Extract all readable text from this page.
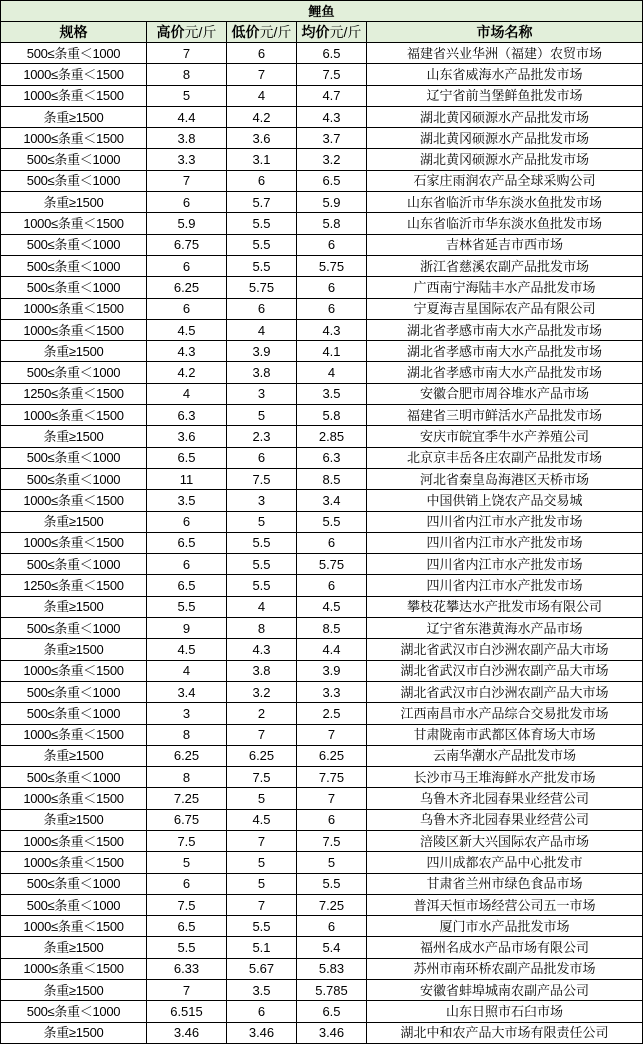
鲤鱼				
规格	高价元/斤	低价元/斤	均价元/斤	市场名称
500≤条重＜1000	7	6	6.5	福建省兴业华洲（福建）农贸市场
1000≤条重＜1500	8	7	7.5	山东省威海水产品批发市场
1000≤条重＜1500	5	4	4.7	辽宁省前当堡鲜鱼批发市场
条重≥1500	4.4	4.2	4.3	湖北黄冈硕源水产品批发市场
1000≤条重＜1500	3.8	3.6	3.7	湖北黄冈硕源水产品批发市场
500≤条重＜1000	3.3	3.1	3.2	湖北黄冈硕源水产品批发市场
500≤条重＜1000	7	6	6.5	石家庄雨润农产品全球采购公司
条重≥1500	6	5.7	5.9	山东省临沂市华东淡水鱼批发市场
1000≤条重＜1500	5.9	5.5	5.8	山东省临沂市华东淡水鱼批发市场
500≤条重＜1000	6.75	5.5	6	吉林省延吉市西市场
500≤条重＜1000	6	5.5	5.75	浙江省慈溪农副产品批发市场
500≤条重＜1000	6.25	5.75	6	广西南宁海陆丰水产品批发市场
1000≤条重＜1500	6	6	6	宁夏海吉星国际农产品有限公司
1000≤条重＜1500	4.5	4	4.3	湖北省孝感市南大水产品批发市场
条重≥1500	4.3	3.9	4.1	湖北省孝感市南大水产品批发市场
500≤条重＜1000	4.2	3.8	4	湖北省孝感市南大水产品批发市场
1250≤条重＜1500	4	3	3.5	安徽合肥市周谷堆水产品市场
1000≤条重＜1500	6.3	5	5.8	福建省三明市鲜活水产品批发市场
条重≥1500	3.6	2.3	2.85	安庆市皖宜季牛水产养殖公司
500≤条重＜1000	6.5	6	6.3	北京京丰岳各庄农副产品批发市场
500≤条重＜1000	11	7.5	8.5	河北省秦皇岛海港区天桥市场
1000≤条重＜1500	3.5	3	3.4	中国供销上饶农产品交易城
条重≥1500	6	5	5.5	四川省内江市水产批发市场
1000≤条重＜1500	6.5	5.5	6	四川省内江市水产批发市场
500≤条重＜1000	6	5.5	5.75	四川省内江市水产批发市场
1250≤条重＜1500	6.5	5.5	6	四川省内江市水产批发市场
条重≥1500	5.5	4	4.5	攀枝花攀达水产批发市场有限公司
500≤条重＜1000	9	8	8.5	辽宁省东港黄海水产品市场
条重≥1500	4.5	4.3	4.4	湖北省武汉市白沙洲农副产品大市场
1000≤条重＜1500	4	3.8	3.9	湖北省武汉市白沙洲农副产品大市场
500≤条重＜1000	3.4	3.2	3.3	湖北省武汉市白沙洲农副产品大市场
500≤条重＜1000	3	2	2.5	江西南昌市水产品综合交易批发市场
1000≤条重＜1500	8	7	7	甘肃陇南市武都区体育场大市场
条重≥1500	6.25	6.25	6.25	云南华潮水产品批发市场
500≤条重＜1000	8	7.5	7.75	长沙市马王堆海鲜水产批发市场
1000≤条重＜1500	7.25	5	7	乌鲁木齐北园春果业经营公司
条重≥1500	6.75	4.5	6	乌鲁木齐北园春果业经营公司
1000≤条重＜1500	7.5	7	7.5	涪陵区新大兴国际农产品市场
1000≤条重＜1500	5	5	5	四川成都农产品中心批发市
500≤条重＜1000	6	5	5.5	甘肃省兰州市绿色食品市场
500≤条重＜1000	7.5	7	7.25	普洱天恒市场经营公司五一市场
1000≤条重＜1500	6.5	5.5	6	厦门市水产品批发市场
条重≥1500	5.5	5.1	5.4	福州名成水产品市场有限公司
1000≤条重＜1500	6.33	5.67	5.83	苏州市南环桥农副产品批发市场
条重≥1500	7	3.5	5.785	安徽省蚌埠城南农副产品公司
500≤条重＜1000	6.515	6	6.5	山东日照市石臼市场
条重≥1500	3.46	3.46	3.46	湖北中和农产品大市场有限责任公司
